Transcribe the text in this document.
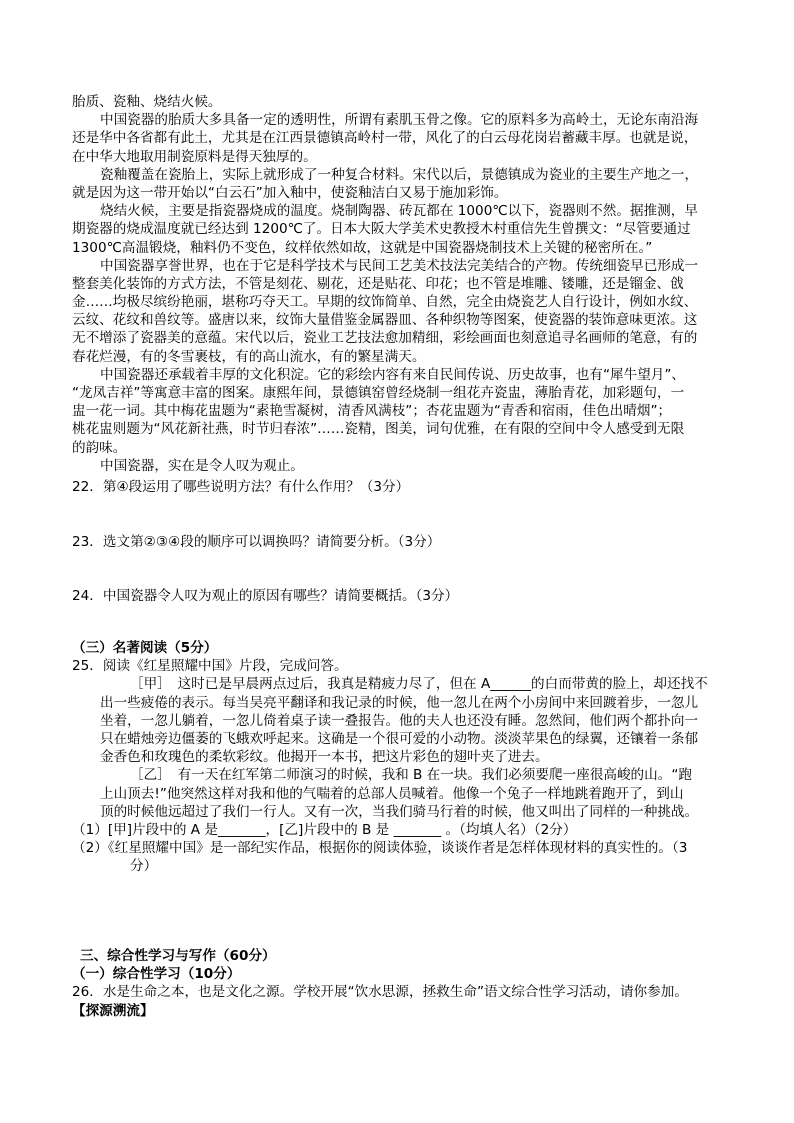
胎质、瓷釉、烧结火候。
中国瓷器的胎质大多具备一定的透明性，所谓有素肌玉骨之像。它的原料多为高岭土，无论东南沿海
还是华中各省都有此土，尤其是在江西景德镇高岭村一带，风化了的白云母花岗岩蓄藏丰厚。也就是说，
在中华大地取用制瓷原料是得天独厚的。
瓷釉覆盖在瓷胎上，实际上就形成了一种复合材料。宋代以后，景德镇成为瓷业的主要生产地之一，
就是因为这一带开始以“白云石”加入釉中，使瓷釉洁白又易于施加彩饰。
烧结火候，主要是指瓷器烧成的温度。烧制陶器、砖瓦都在 1000℃以下，瓷器则不然。据推测，早
期瓷器的烧成温度就已经达到 1200℃了。日本大阪大学美术史教授木村重信先生曾撰文：“尽管要通过
1300℃高温锻烧，釉料仍不变色，纹样依然如故，这就是中国瓷器烧制技术上关键的秘密所在。”
中国瓷器享誉世界，也在于它是科学技术与民间工艺美术技法完美结合的产物。传统细瓷早已形成一
整套美化装饰的方式方法，不管是刻花、剔花，还是贴花、印花；也不管是堆雕、镂雕，还是镏金、戗
金……均极尽缤纷艳丽，堪称巧夺天工。早期的纹饰简单、自然，完全由烧瓷艺人自行设计，例如水纹、
云纹、花纹和兽纹等。盛唐以来，纹饰大量借鉴金属器皿、各种织物等图案，使瓷器的装饰意味更浓。这
无不增添了瓷器美的意蕴。宋代以后，瓷业工艺技法愈加精细，彩绘画面也刻意追寻名画师的笔意，有的
春花烂漫，有的冬雪裹枝，有的高山流水，有的繁星满天。
中国瓷器还承载着丰厚的文化积淀。它的彩绘内容有来自民间传说、历史故事，也有“犀牛望月”、
“龙凤吉祥”等寓意丰富的图案。康熙年间，景德镇窑曾经烧制一组花卉瓷盅，薄胎青花，加彩题句，一
盅一花一词。其中梅花盅题为“素艳雪凝树，清香风满枝”；杏花盅题为“青香和宿雨，佳色出晴烟”；
桃花盅则题为“风花新社燕，时节归春浓”……瓷精，图美，词句优雅，在有限的空间中令人感受到无限
的韵味。
中国瓷器，实在是令人叹为观止。
22．第④段运用了哪些说明方法？有什么作用？（3分）
23．选文第②③④段的顺序可以调换吗？请简要分析。（3分）
24．中国瓷器令人叹为观止的原因有哪些？请简要概括。（3分）
（三）名著阅读（5分）
25．阅读《红星照耀中国》片段，完成问答。
［甲］　这时已是早晨两点过后，我真是精疲力尽了，但在 A______的白而带黄的脸上，却还找不
出一些疲倦的表示。每当吴亮平翻译和我记录的时候，他一忽儿在两个小房间中来回踱着步，一忽儿
坐着，一忽儿躺着，一忽儿倚着桌子读一叠报告。他的夫人也还没有睡。忽然间，他们两个都扑向一
只在蜡烛旁边僵萎的飞蛾欢呼起来。这确是一个很可爱的小动物。淡淡苹果色的绿翼，还镶着一条郁
金香色和玫瑰色的柔软彩纹。他揭开一本书，把这片彩色的翅叶夹了进去。
［乙］　有一天在红军第二师演习的时候，我和 B 在一块。我们必须要爬一座很高峻的山。“跑
上山顶去!”他突然这样对我和他的气喘着的总部人员喊着。他像一个兔子一样地跳着跑开了，到山
顶的时候他远超过了我们一行人。又有一次，当我们骑马行着的时候，他又叫出了同样的一种挑战。
（1）[甲]片段中的 A 是_______，[乙]片段中的 B 是 _______ 。（均填人名）（2分）
（2）《红星照耀中国》是一部纪实作品，根据你的阅读体验，谈谈作者是怎样体现材料的真实性的。（3
分）
三、综合性学习与写作（60分）
（一）综合性学习（10分）
26．水是生命之本，也是文化之源。学校开展“饮水思源，拯救生命”语文综合性学习活动，请你参加。
【探源溯流】
